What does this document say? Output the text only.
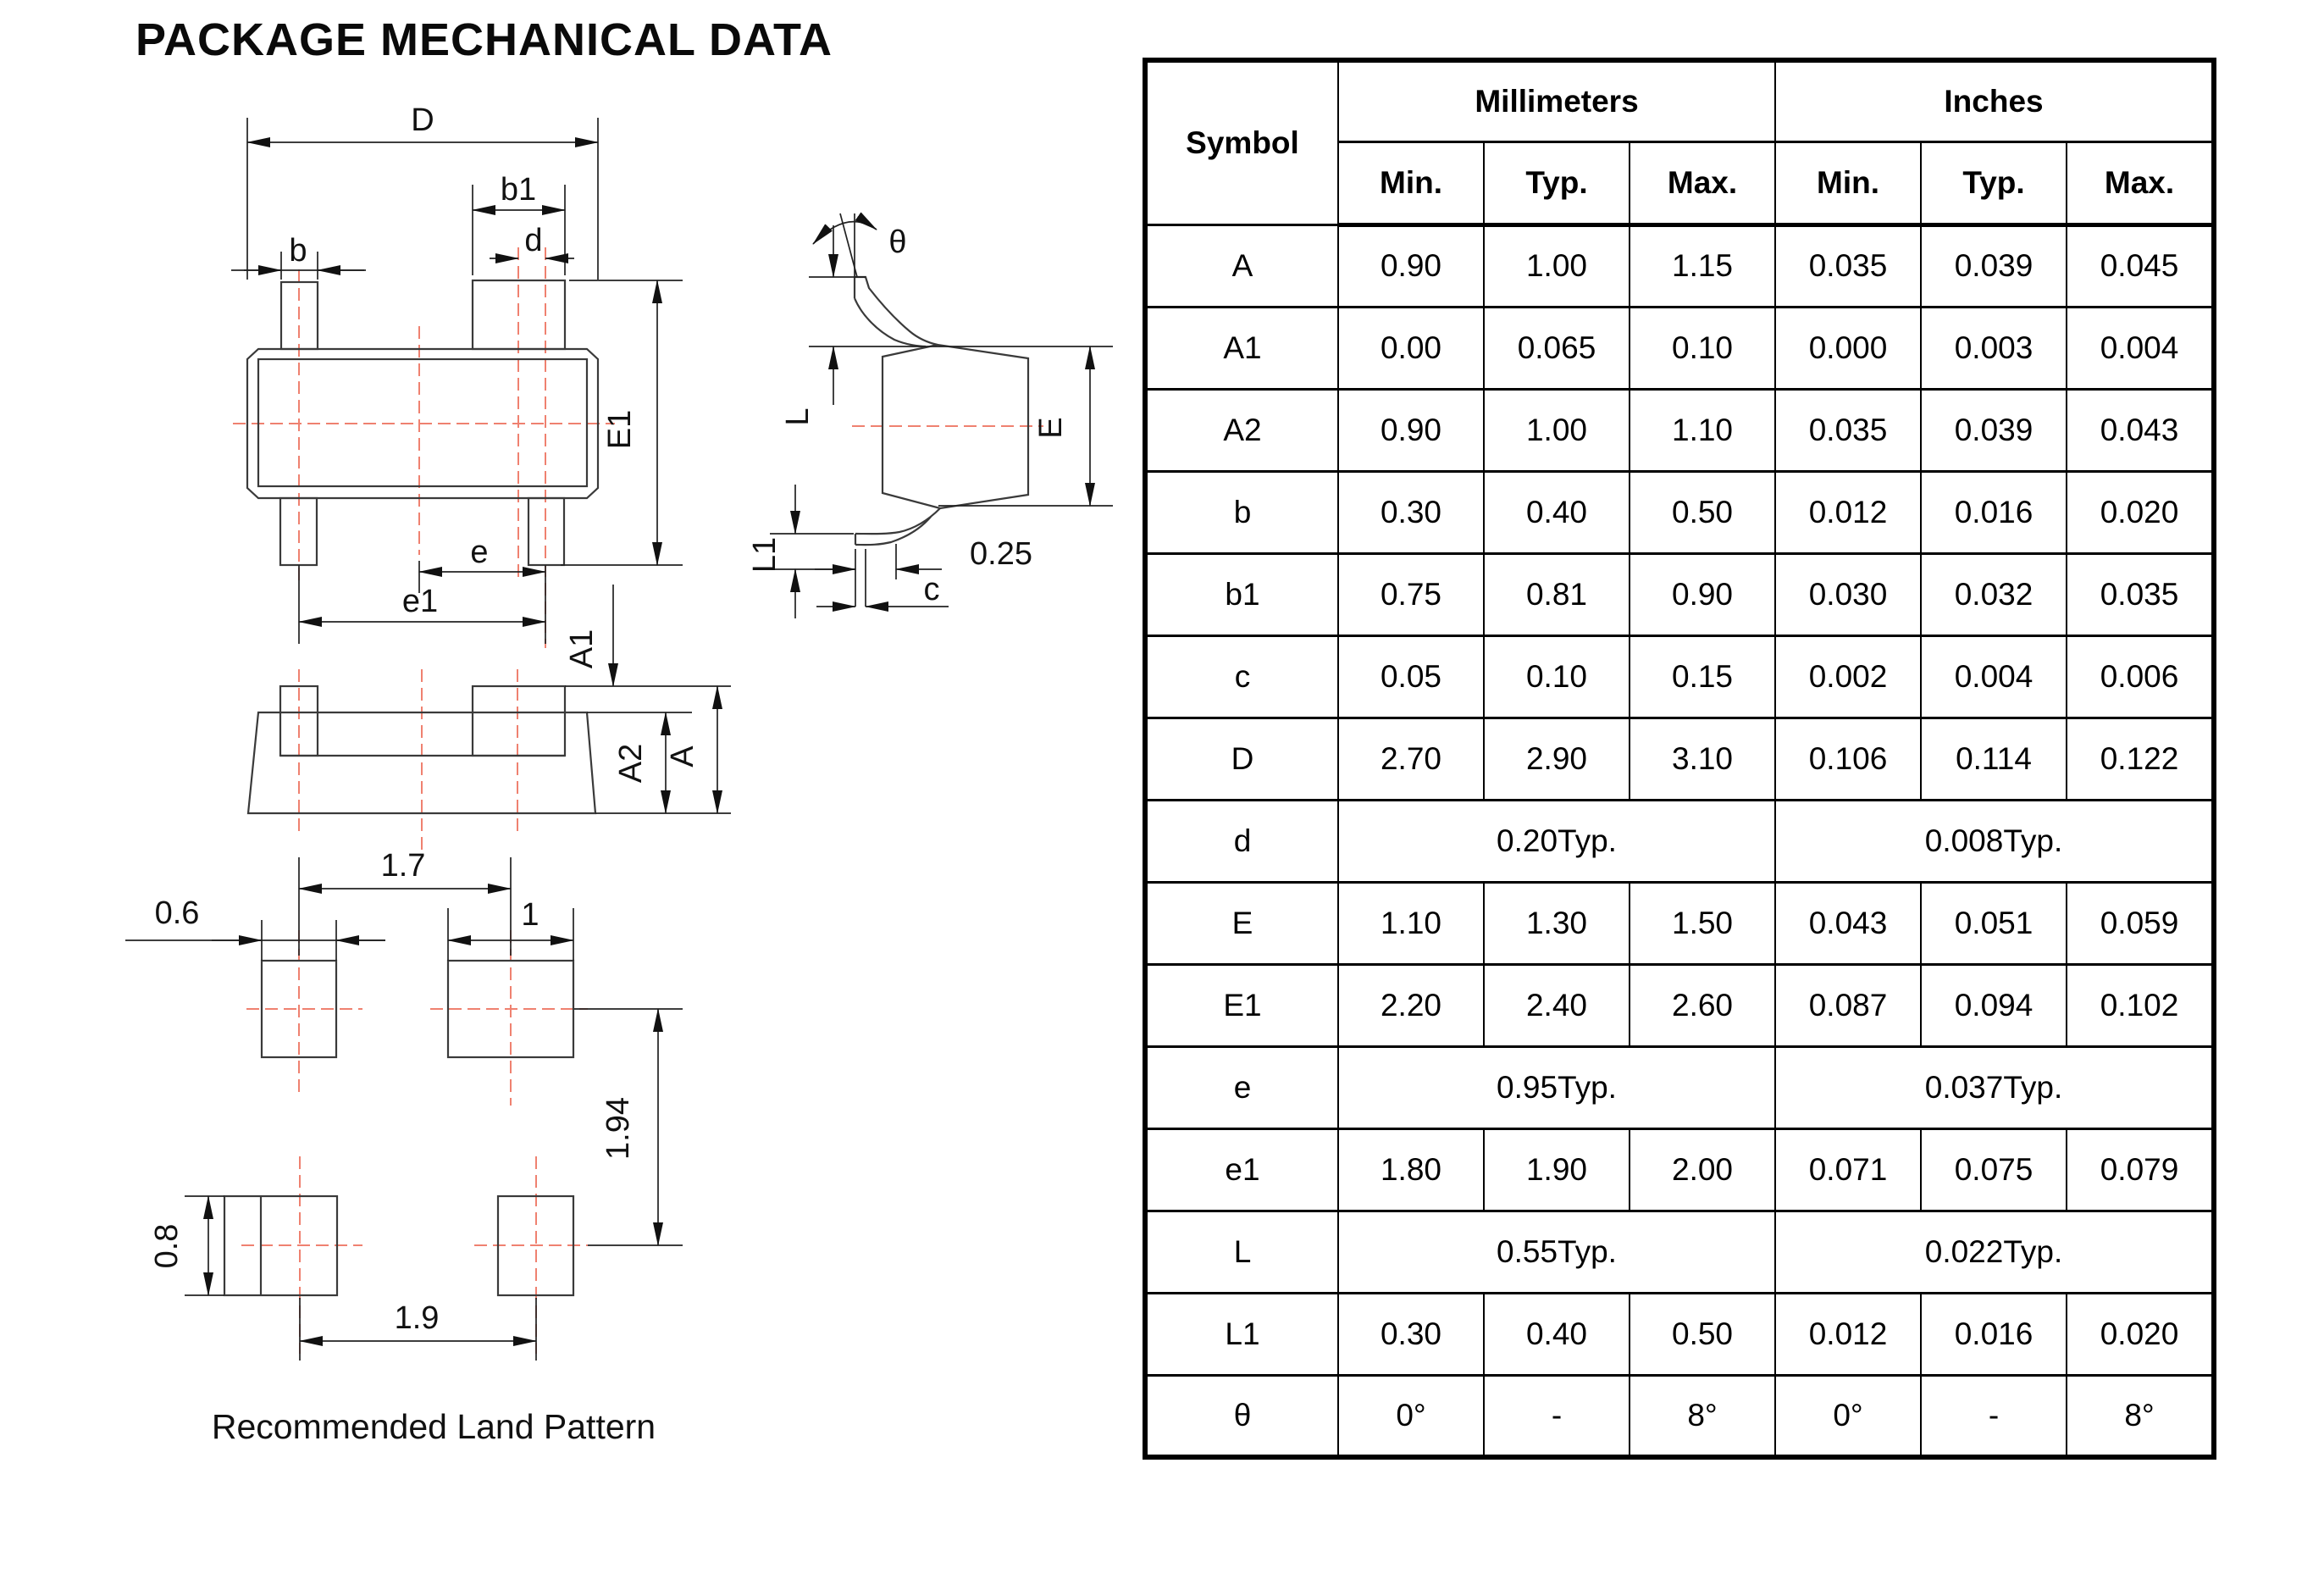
PACKAGE MECHANICAL DATA
D
b1
d
b
E1
e
e1
A1
A2 A
θ
L
E
c
L1	0.25
1.7
0.6	1
1.94
0.8
1.9
Recommended Land Pattern
Symbol	Millimeters			Inches		
	Min.	Typ.	Max.	Min.	Typ.	Max.
A	0.90	1.00	1.15	0.035	0.039	0.045
A1	0.00	0.065	0.10	0.000	0.003	0.004
A2	0.90	1.00	1.10	0.035	0.039	0.043
b	0.30	0.40	0.50	0.012	0.016	0.020
b1	0.75	0.81	0.90	0.030	0.032	0.035
c	0.05	0.10	0.15	0.002	0.004	0.006
D	2.70	2.90	3.10	0.106	0.114	0.122
d	0.20Typ.			0.008Typ.		
E	1.10	1.30	1.50	0.043	0.051	0.059
E1	2.20	2.40	2.60	0.087	0.094	0.102
e	0.95Typ.			0.037Typ.		
e1	1.80	1.90	2.00	0.071	0.075	0.079
L	0.55Typ.			0.022Typ.		
L1	0.30	0.40	0.50	0.012	0.016	0.020
θ	0°	-	8°	0°	-	8°
